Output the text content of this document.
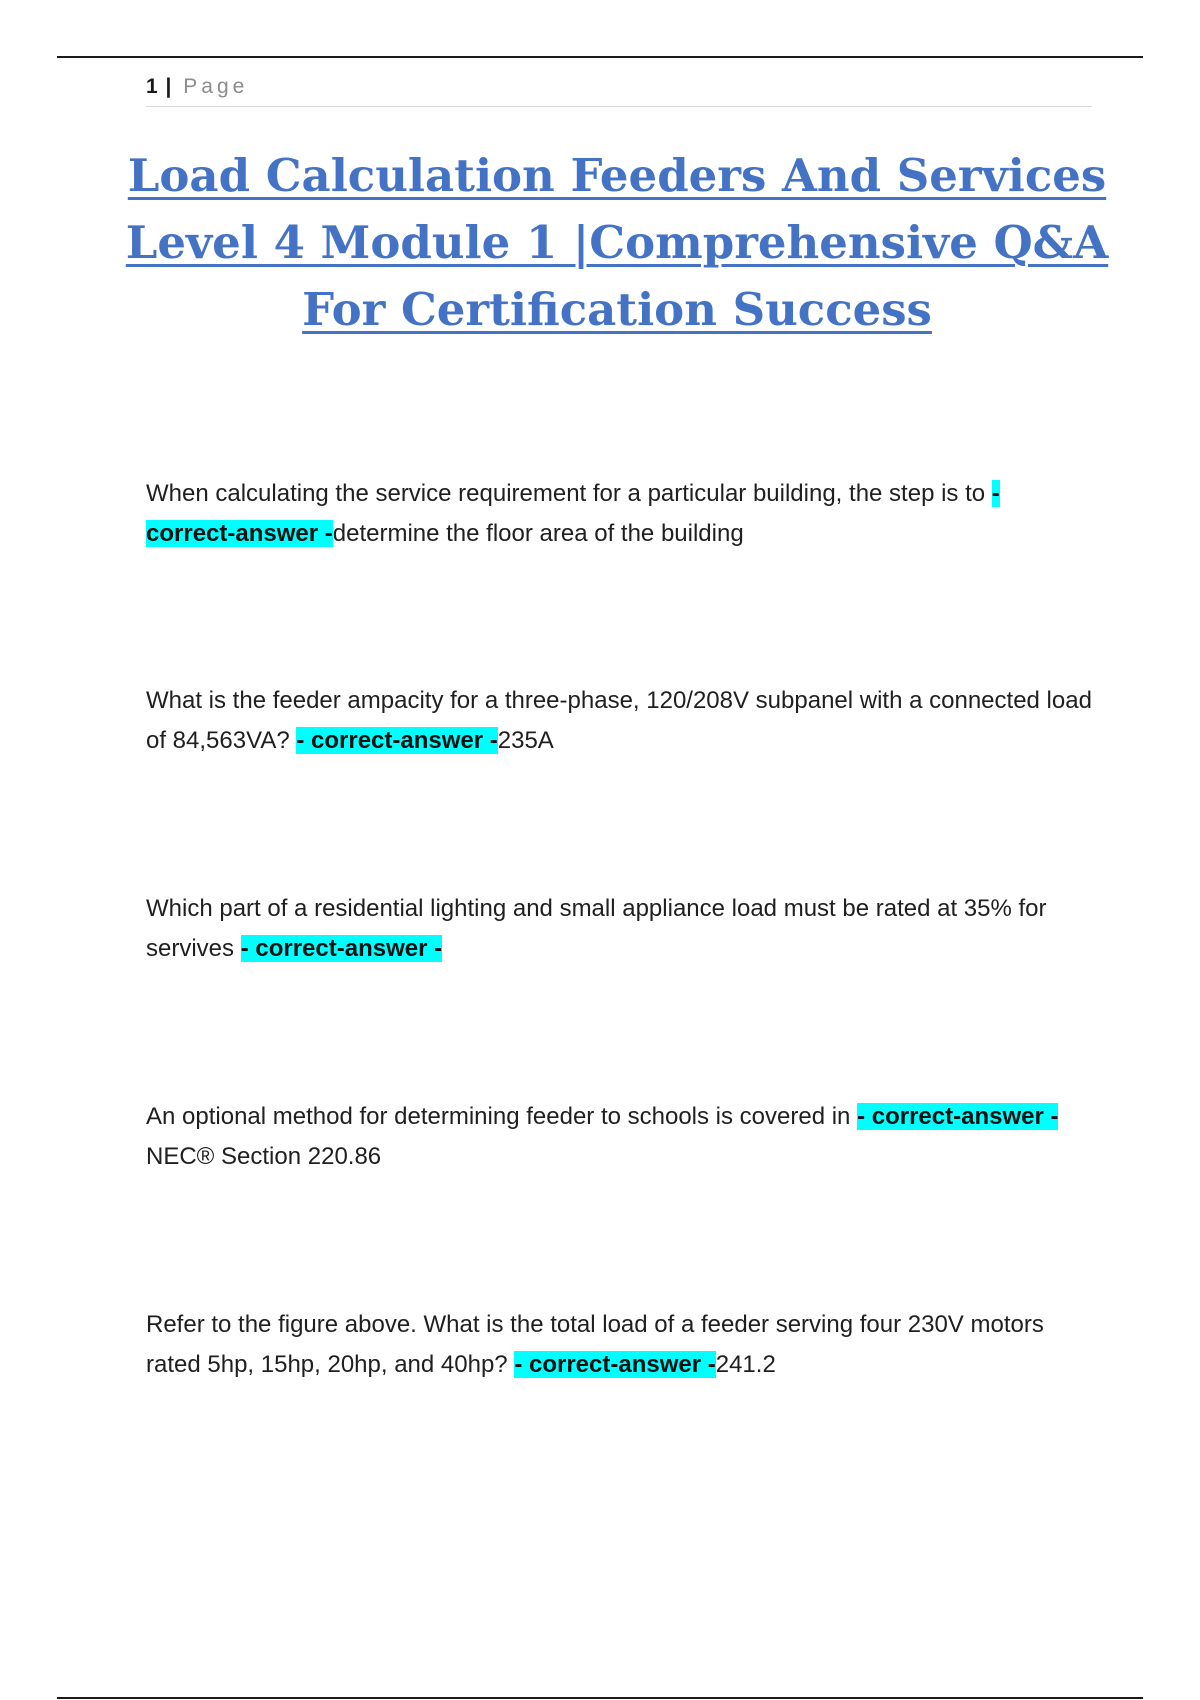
1 | Page
Load Calculation Feeders And Services Level 4 Module 1 |Comprehensive Q&A For Certification Success

When calculating the service requirement for a particular building, the step is to - correct-answer -determine the floor area of the building

What is the feeder ampacity for a three-phase, 120/208V subpanel with a connected load of 84,563VA? - correct-answer -235A

Which part of a residential lighting and small appliance load must be rated at 35% for servives - correct-answer -

An optional method for determining feeder to schools is covered in - correct-answer -NEC® Section 220.86

Refer to the figure above. What is the total load of a feeder serving four 230V motors rated 5hp, 15hp, 20hp, and 40hp? - correct-answer -241.2
